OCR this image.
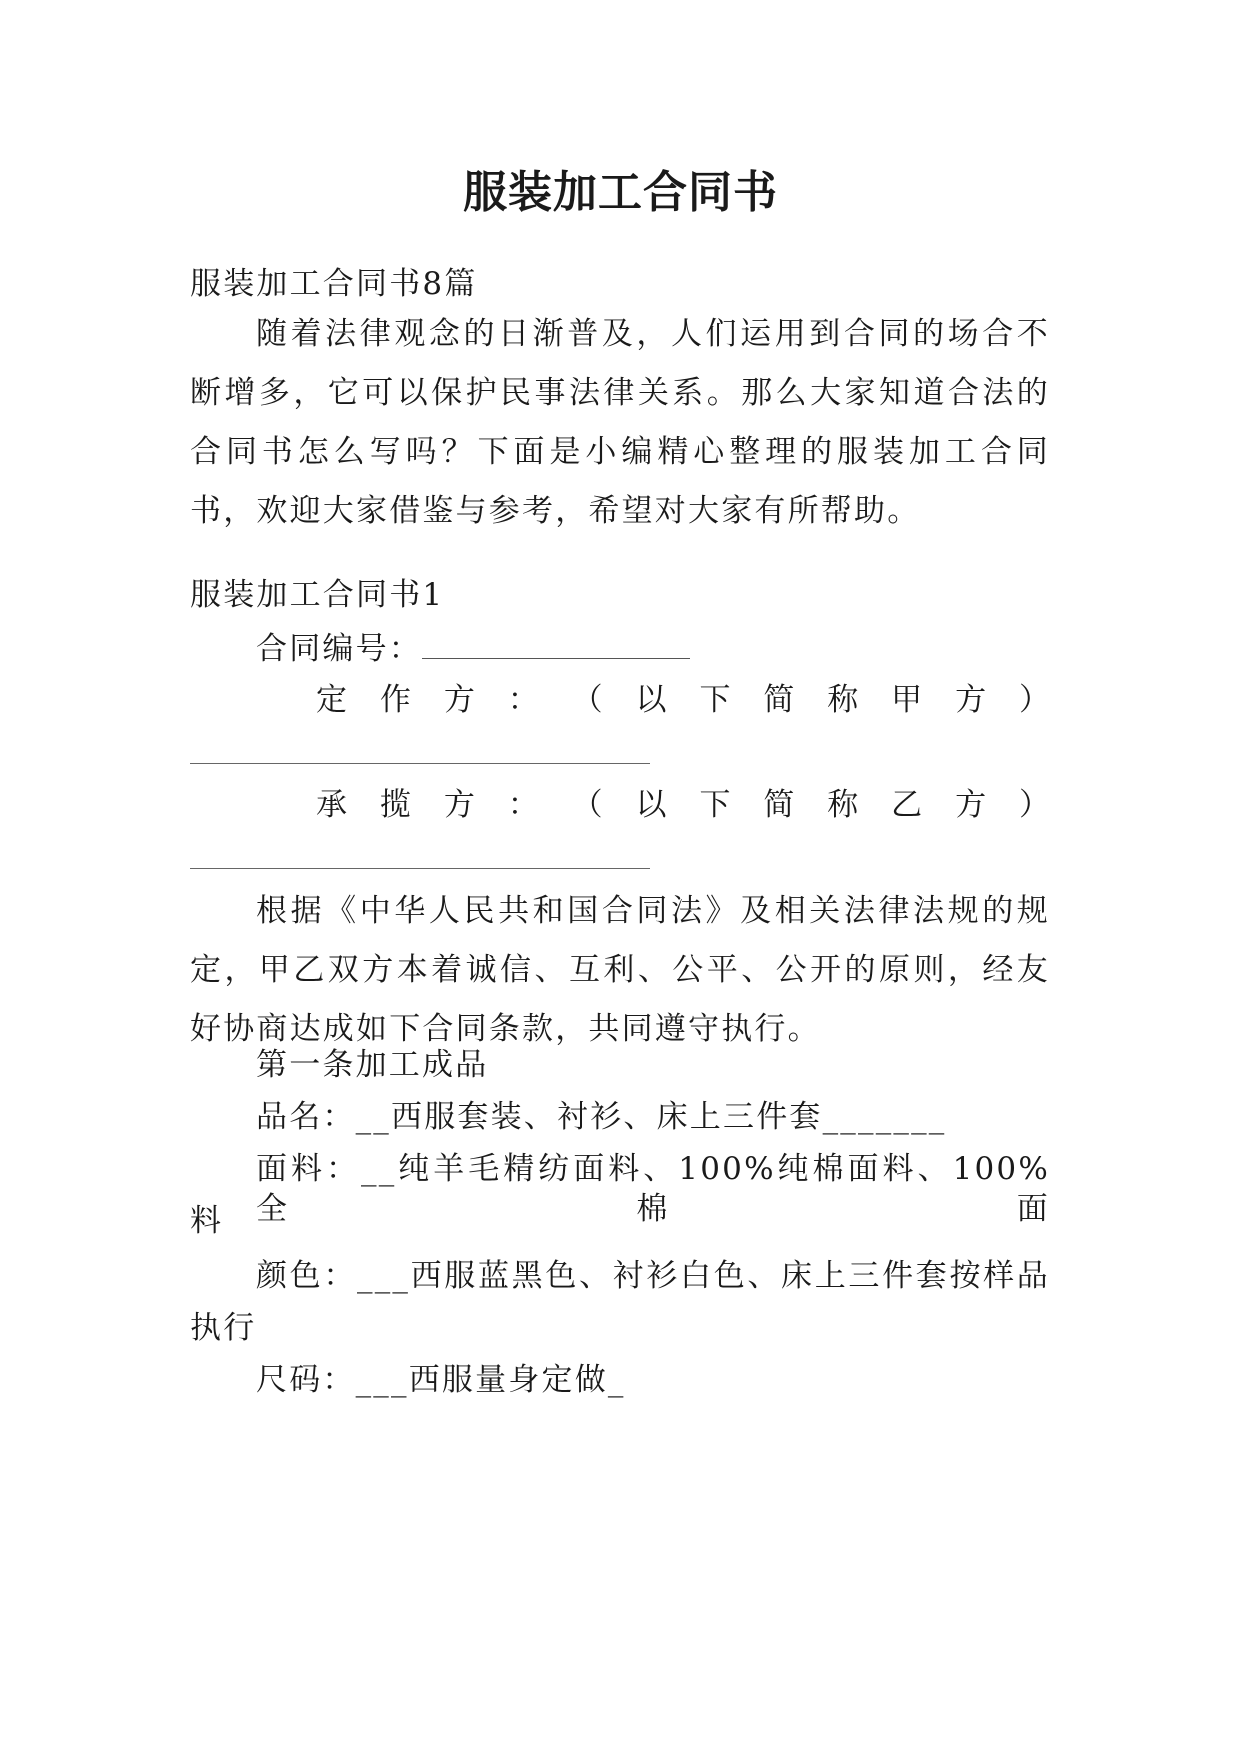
服装加工合同书
服装加工合同书8篇
随着法律观念的日渐普及，人们运用到合同的场合不断增多，它可以保护民事法律关系。那么大家知道合法的合同书怎么写吗？下面是小编精心整理的服装加工合同书，欢迎大家借鉴与参考，希望对大家有所帮助。
服装加工合同书1
合同编号：
定 作 方 ： （ 以 下 简 称 甲 方 ）
承 揽 方 ： （ 以 下 简 称 乙 方 ）
根据《中华人民共和国合同法》及相关法律法规的规定，甲乙双方本着诚信、互利、公平、公开的原则，经友好协商达成如下合同条款，共同遵守执行。
第一条加工成品
品名：__西服套装、衬衫、床上三件套_______
面料：__纯羊毛精纺面料、100%纯棉面料、100%全棉面
料
颜色：___西服蓝黑色、衬衫白色、床上三件套按样品
执行
尺码：___西服量身定做_
